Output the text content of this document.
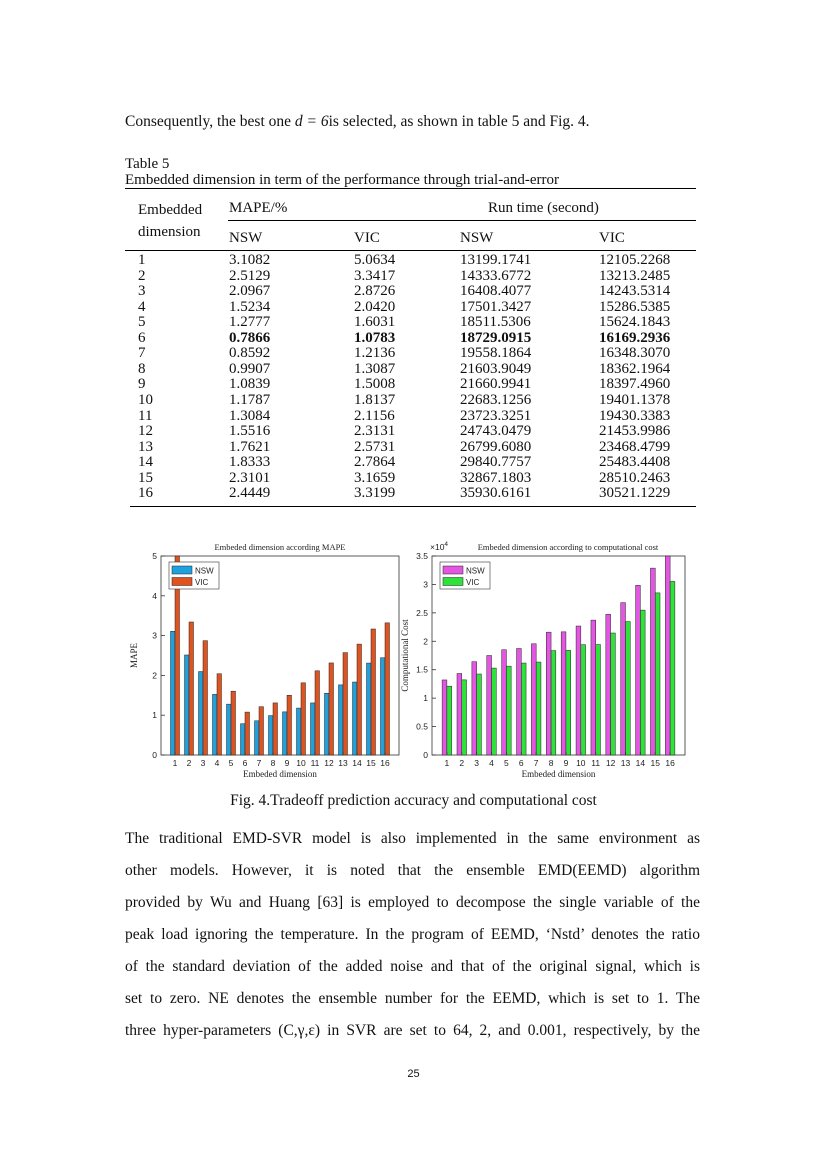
Consequently, the best one d = 6is selected, as shown in table 5 and Fig. 4.
Table 5
Embedded dimension in term of the performance through trial-and-error
Embedded
dimension
MAPE/%	Run time (second)
NSW	VIC	NSW	VIC
1	3.1082	5.0634	13199.1741	12105.2268
2	2.5129	3.3417	14333.6772	13213.2485
3	2.0967	2.8726	16408.4077	14243.5314
4	1.5234	2.0420	17501.3427	15286.5385
5	1.2777	1.6031	18511.5306	15624.1843
6	0.7866	1.0783	18729.0915	16169.2936
7	0.8592	1.2136	19558.1864	16348.3070
8	0.9907	1.3087	21603.9049	18362.1964
9	1.0839	1.5008	21660.9941	18397.4960
10	1.1787	1.8137	22683.1256	19401.1378
11	1.3084	2.1156	23723.3251	19430.3383
12	1.5516	2.3131	24743.0479	21453.9986
13	1.7621	2.5731	26799.6080	23468.4799
14	1.8333	2.7864	29840.7757	25483.4408
15	2.3101	3.1659	32867.1803	28510.2463
16	2.4449	3.3199	35930.6161	30521.1229
0
1
2
3
4
5
1 2 3 4 5 6 7 8 9 10 11 12 13 14 15 16
Embeded dimension according MAPE
Embeded dimension
MAPE
NSW
VIC
0
0.5
1
1.5
2
2.5
3
3.5
1 2 3 4 5 6 7 8 9 10 11 12 13 14 15 16
Embeded dimension according to computational cost
Embeded dimension
Computational Cost
NSW
VIC
$\times 10^4$
Fig. 4.Tradeoff prediction accuracy and computational cost
The traditional EMD-SVR model is also implemented in the same environment as
other models. However, it is noted that the ensemble EMD(EEMD) algorithm
provided by Wu and Huang [63] is employed to decompose the single variable of the
peak load ignoring the temperature. In the program of EEMD, ‘Nstd’ denotes the ratio
of the standard deviation of the added noise and that of the original signal, which is
set to zero. NE denotes the ensemble number for the EEMD, which is set to 1. The
three hyper-parameters (C,γ,ε) in SVR are set to 64, 2, and 0.001, respectively, by the
25
